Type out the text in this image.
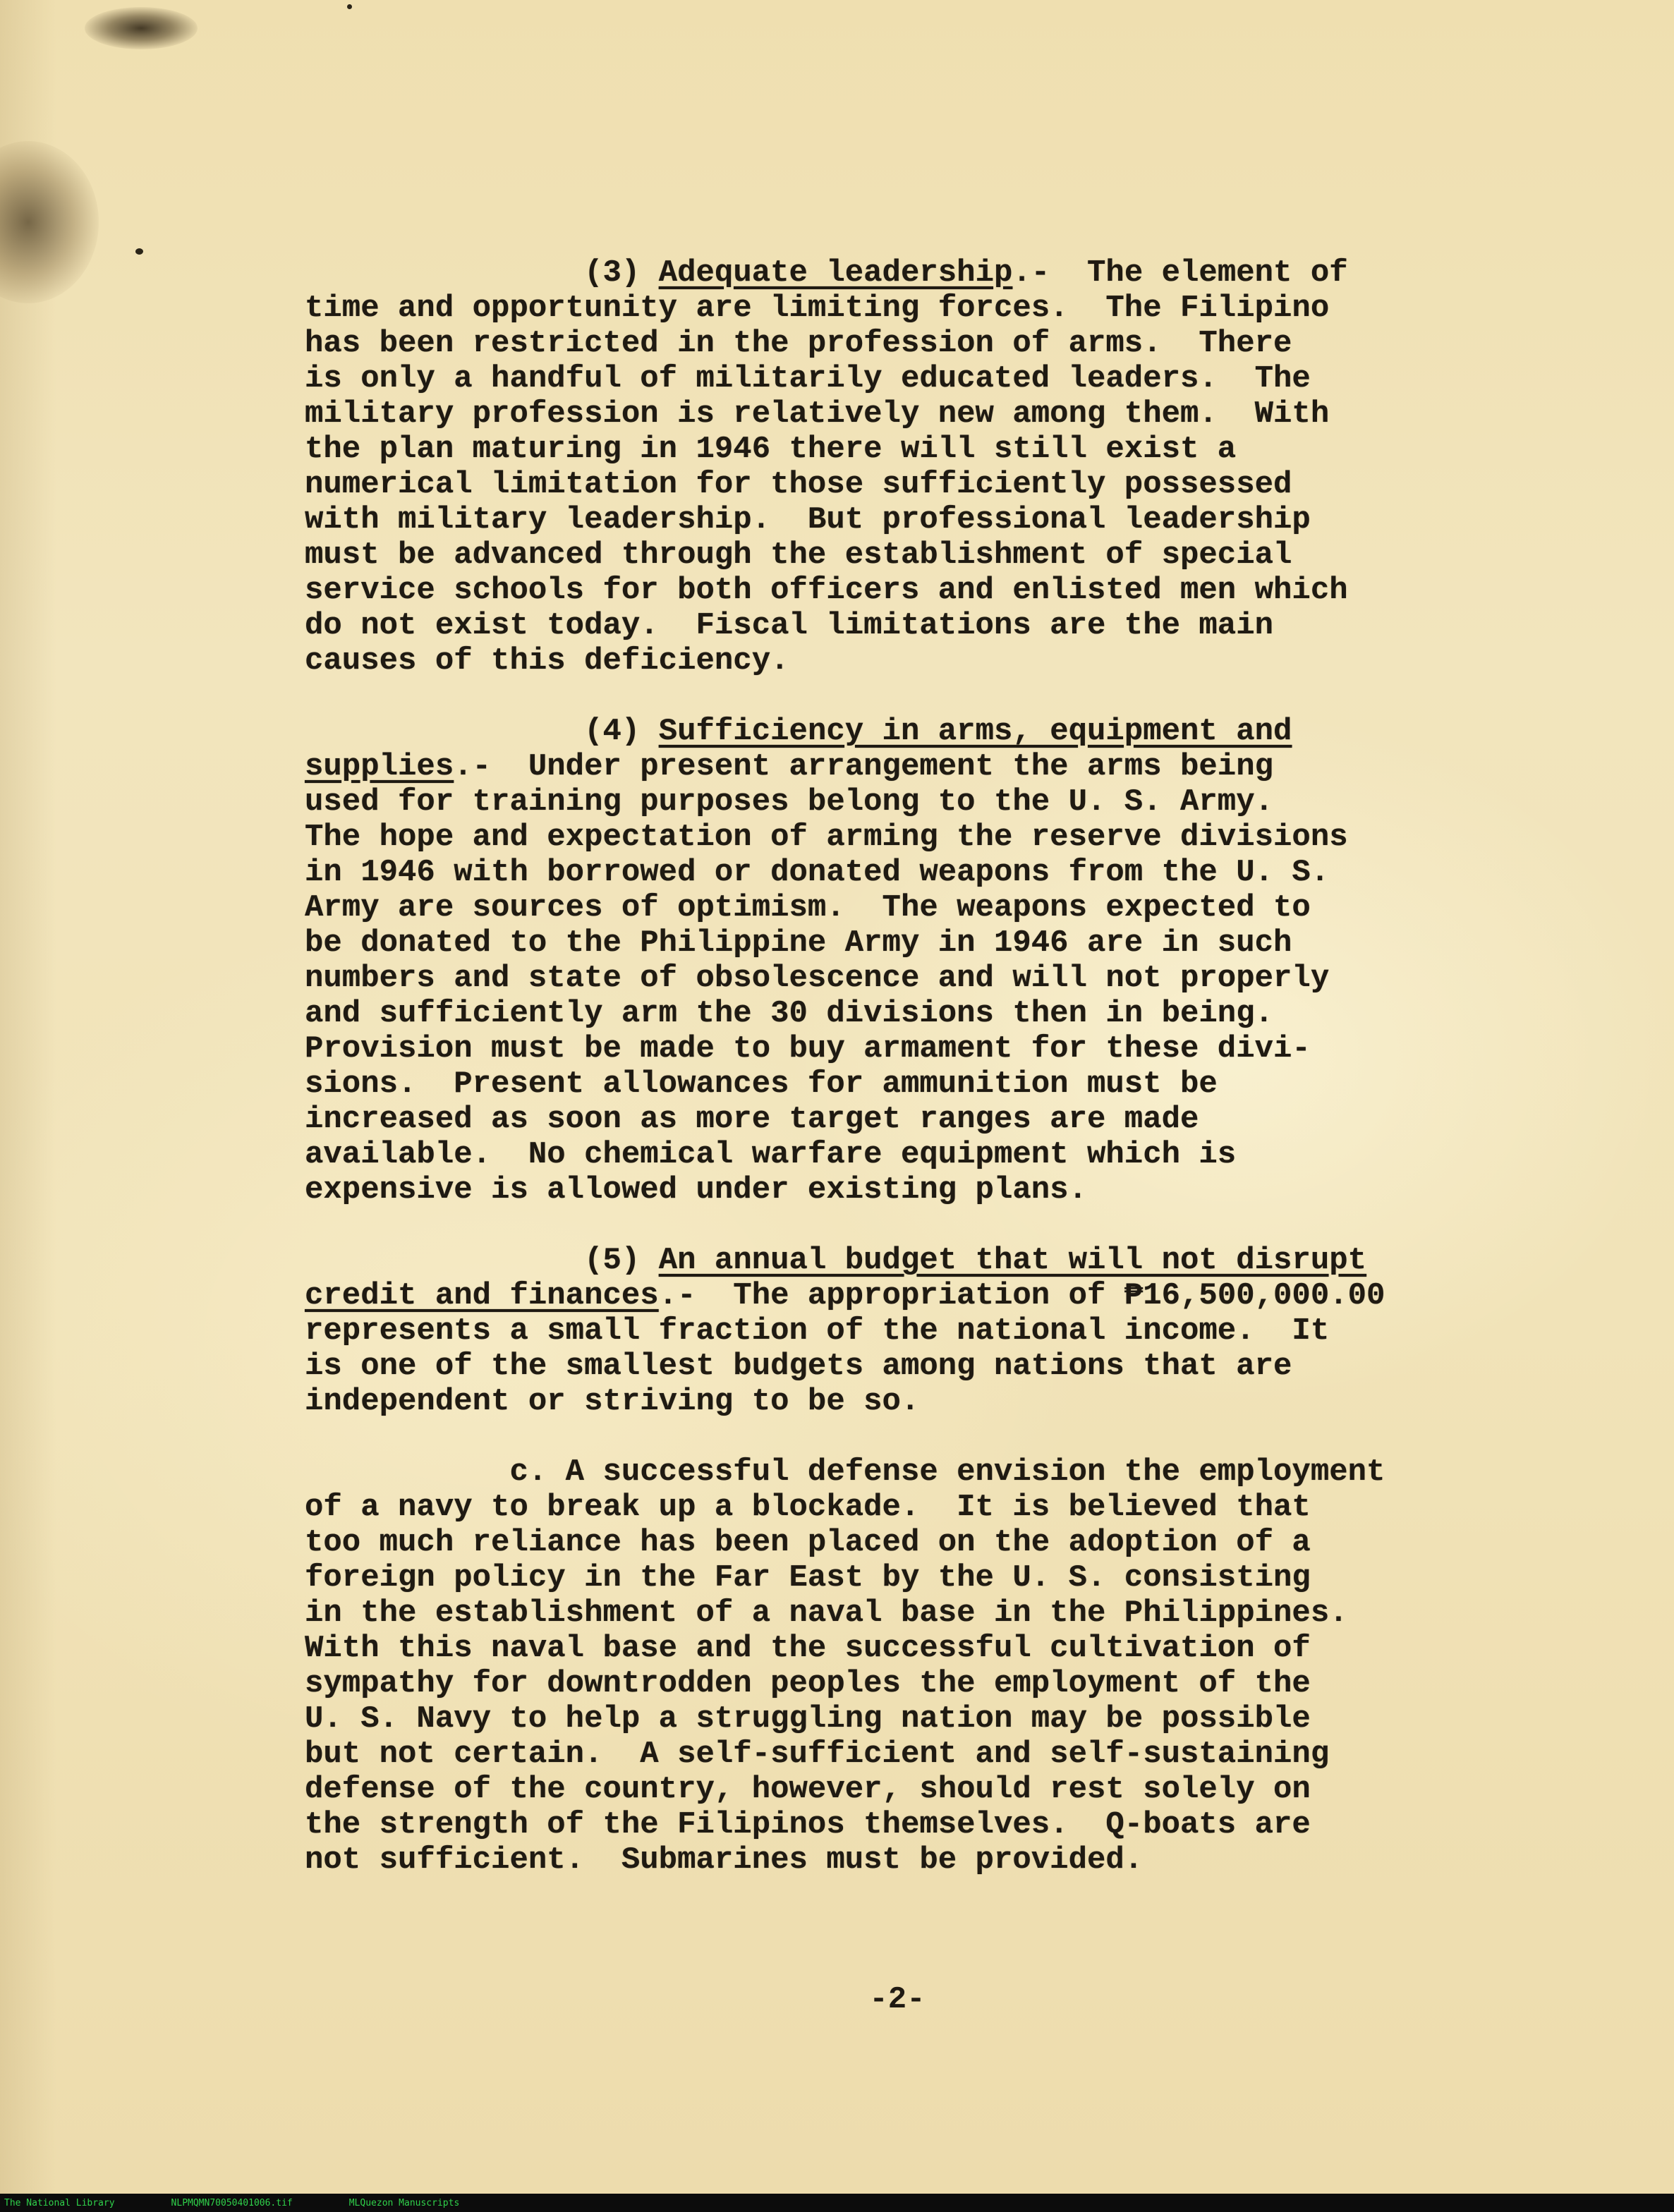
(3) Adequate leadership.-  The element of
time and opportunity are limiting forces.  The Filipino
has been restricted in the profession of arms.  There
is only a handful of militarily educated leaders.  The
military profession is relatively new among them.  With
the plan maturing in 1946 there will still exist a
numerical limitation for those sufficiently possessed
with military leadership.  But professional leadership
must be advanced through the establishment of special
service schools for both officers and enlisted men which
do not exist today.  Fiscal limitations are the main
causes of this deficiency.
(4) Sufficiency in arms, equipment and
supplies.-  Under present arrangement the arms being
used for training purposes belong to the U. S. Army.
The hope and expectation of arming the reserve divisions
in 1946 with borrowed or donated weapons from the U. S.
Army are sources of optimism.  The weapons expected to
be donated to the Philippine Army in 1946 are in such
numbers and state of obsolescence and will not properly
and sufficiently arm the 30 divisions then in being.
Provision must be made to buy armament for these divi-
sions.  Present allowances for ammunition must be
increased as soon as more target ranges are made
available.  No chemical warfare equipment which is
expensive is allowed under existing plans.
(5) An annual budget that will not disrupt
credit and finances.-  The appropriation of ₱16,500,000.00
represents a small fraction of the national income.  It
is one of the smallest budgets among nations that are
independent or striving to be so.
c. A successful defense envision the employment
of a navy to break up a blockade.  It is believed that
too much reliance has been placed on the adoption of a
foreign policy in the Far East by the U. S. consisting
in the establishment of a naval base in the Philippines.
With this naval base and the successful cultivation of
sympathy for downtrodden peoples the employment of the
U. S. Navy to help a struggling nation may be possible
but not certain.  A self-sufficient and self-sustaining
defense of the country, however, should rest solely on
the strength of the Filipinos themselves.  Q-boats are
not sufficient.  Submarines must be provided.
-2-
The National Library	NLPMQMN70050401006.tif	MLQuezon Manuscripts
